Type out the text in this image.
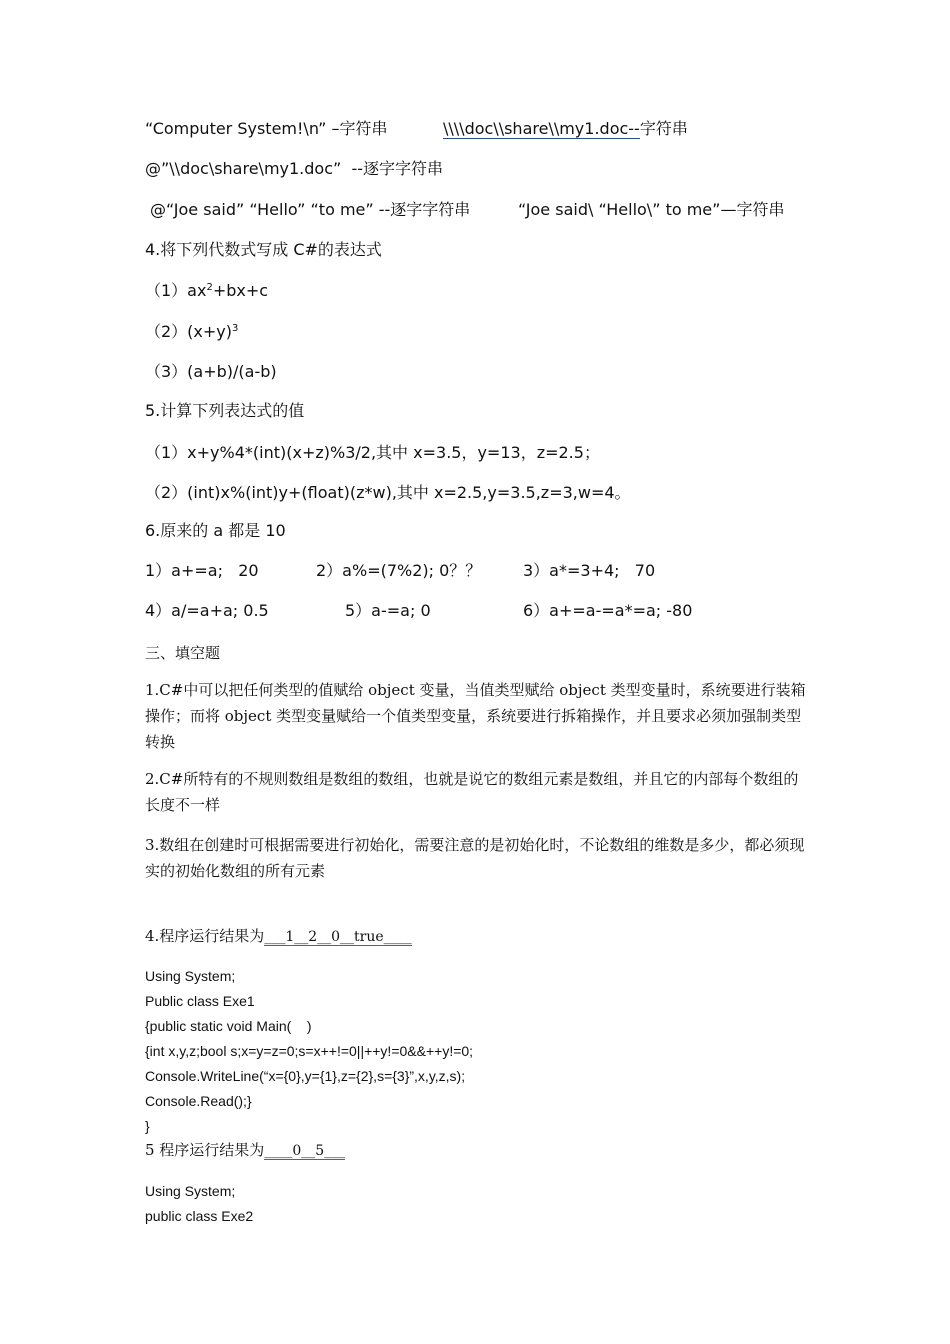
“Computer System!\n” –字符串	\\\\doc\\share\\my1.doc--字符串
@”\\doc\share\my1.doc”  --逐字字符串
@“Joe said” “Hello” “to me” --逐字字符串	“Joe said\ “Hello\” to me”—字符串
4.将下列代数式写成 C#的表达式
$(1)ax^2+bx+c$
$(2)(x+y)^3$
（3）(a+b)/(a-b)
5.计算下列表达式的值
（1）x+y%4*(int)(x+z)%3/2,其中 x=3.5，y=13，z=2.5；
（2）(int)x%(int)y+(float)(z*w),其中 x=2.5,y=3.5,z=3,w=4。
6.原来的 a 都是 10
1）a+=a;   20	2）a%=(7%2); 0？？	3）a*=3+4;   70
4）a/=a+a; 0.5	5）a-=a; 0	6）a+=a-=a*=a; -80
三、填空题
1.C#中可以把任何类型的值赋给 object 变量，当值类型赋给 object 类型变量时，系统要进行装箱操作；而将 object 类型变量赋给一个值类型变量，系统要进行拆箱操作，并且要求必须加强制类型转换
2.C#所特有的不规则数组是数组的数组，也就是说它的数组元素是数组，并且它的内部每个数组的长度不一样
3.数组在创建时可根据需要进行初始化，需要注意的是初始化时，不论数组的维数是多少，都必须现实的初始化数组的所有元素
4.程序运行结果为___1__2__0__true____
Using System;
Public class Exe1
{public static void Main(    )
{int x,y,z;bool s;x=y=z=0;s=x++!=0||++y!=0&&++y!=0;
Console.WriteLine(“x={0},y={1},z={2},s={3}”,x,y,z,s);
Console.Read();}
}
5 程序运行结果为____0__5___
Using System;
public class Exe2
